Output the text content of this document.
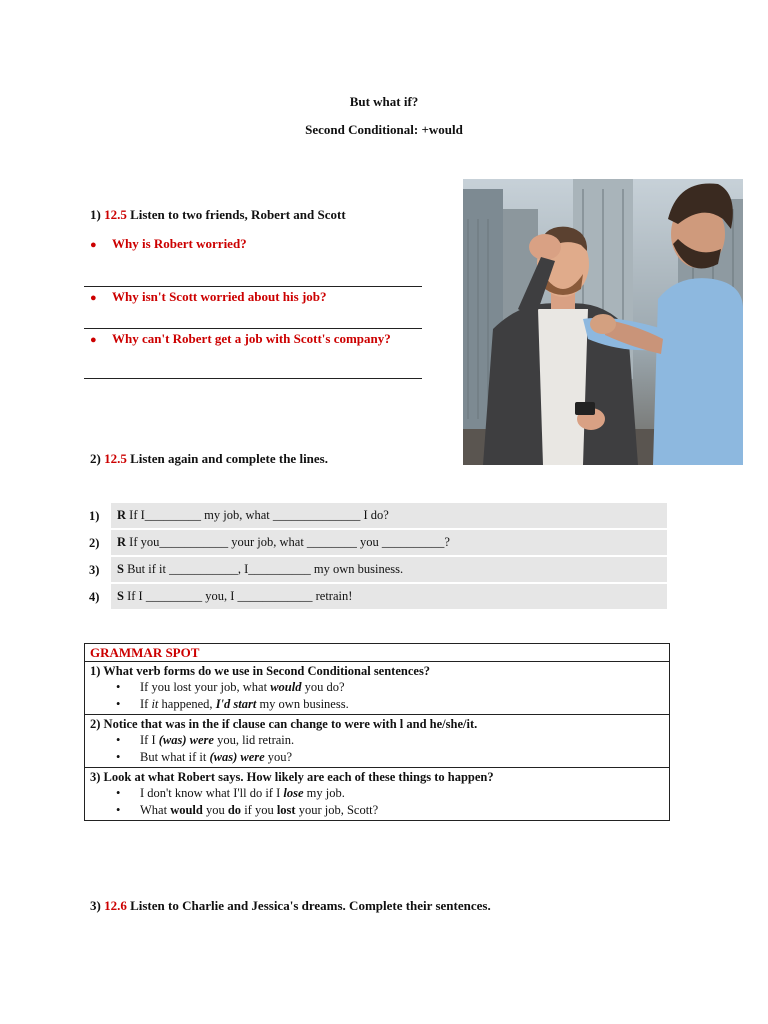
But what if?
Second Conditional: +would
1) 12.5 Listen to two friends, Robert and Scott
● Why is Robert worried?
● Why isn't Scott worried about his job?
● Why can't Robert get a job with Scott's company?
2) 12.5 Listen again and complete the lines.
1)	R If I_________ my job, what ______________ I do?
2)	R If you___________ your job, what ________ you __________?
3)	S But if it ___________, I__________ my own business.
4)	S If I _________ you, I ____________ retrain!
GRAMMAR SPOT
1) What verb forms do we use in Second Conditional sentences?
• If you lost your job, what would you do?
• If it happened, I'd start my own business.
2) Notice that was in the if clause can change to were with l and he/she/it.
• If I (was) were you, lid retrain.
• But what if it (was) were you?
3) Look at what Robert says. How likely are each of these things to happen?
• I don't know what I'll do if I lose my job.
• What would you do if you lost your job, Scott?
3) 12.6 Listen to Charlie and Jessica's dreams. Complete their sentences.
